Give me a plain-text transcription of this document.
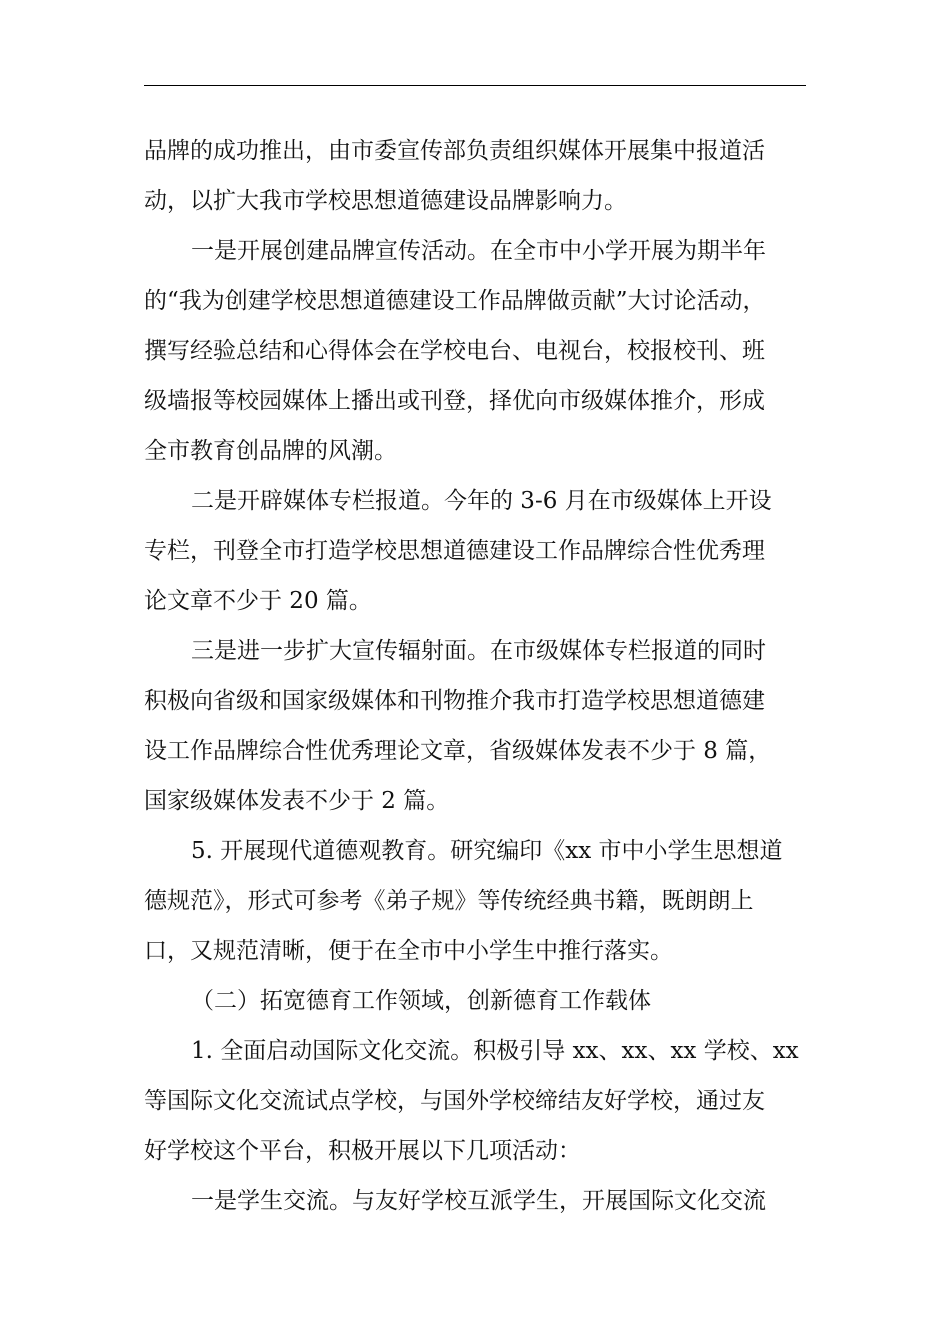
品牌的成功推出，由市委宣传部负责组织媒体开展集中报道活
动，以扩大我市学校思想道德建设品牌影响力。
一是开展创建品牌宣传活动。在全市中小学开展为期半年
的“我为创建学校思想道德建设工作品牌做贡献”大讨论活动，
撰写经验总结和心得体会在学校电台、电视台，校报校刊、班
级墙报等校园媒体上播出或刊登，择优向市级媒体推介，形成
全市教育创品牌的风潮。
二是开辟媒体专栏报道。今年的 3-6 月在市级媒体上开设
专栏，刊登全市打造学校思想道德建设工作品牌综合性优秀理
论文章不少于 20 篇。
三是进一步扩大宣传辐射面。在市级媒体专栏报道的同时
积极向省级和国家级媒体和刊物推介我市打造学校思想道德建
设工作品牌综合性优秀理论文章，省级媒体发表不少于 8 篇，
国家级媒体发表不少于 2 篇。
5. 开展现代道德观教育。研究编印《xx 市中小学生思想道
德规范》，形式可参考《弟子规》等传统经典书籍，既朗朗上
口，又规范清晰，便于在全市中小学生中推行落实。
（二）拓宽德育工作领域，创新德育工作载体
1. 全面启动国际文化交流。积极引导 xx、xx、xx 学校、xx
等国际文化交流试点学校，与国外学校缔结友好学校，通过友
好学校这个平台，积极开展以下几项活动：
一是学生交流。与友好学校互派学生，开展国际文化交流
